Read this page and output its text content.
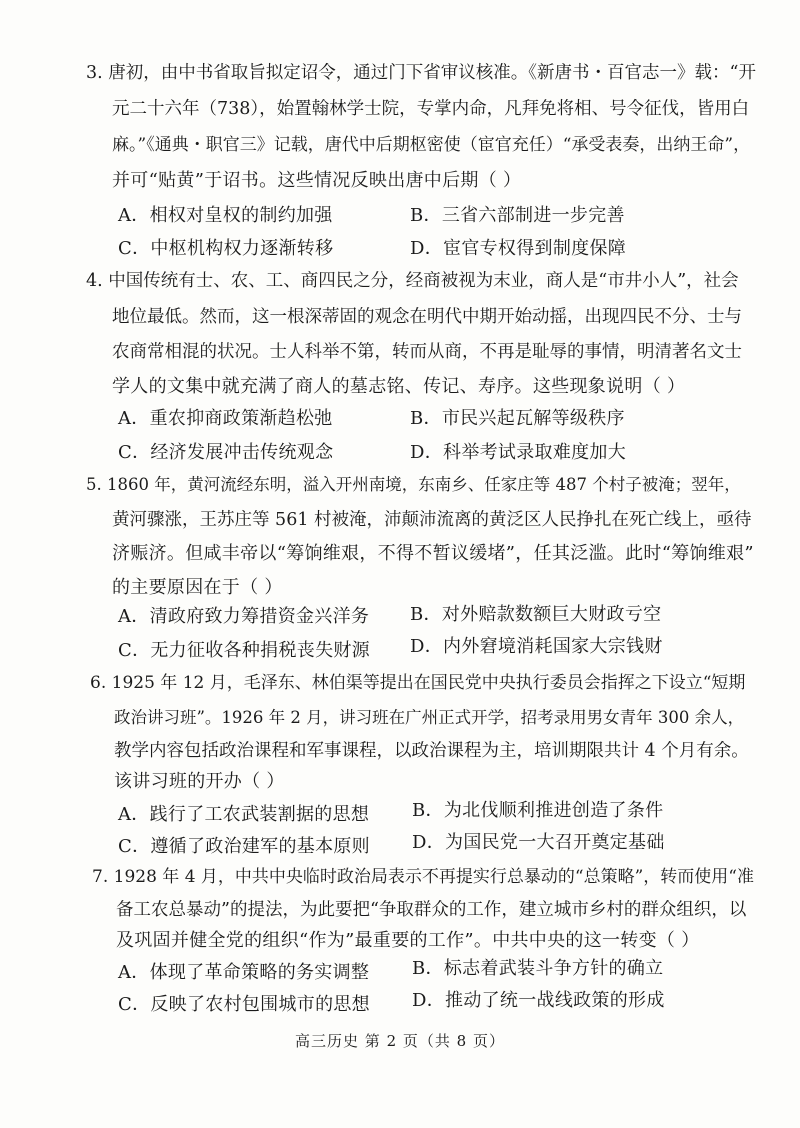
3. 唐初，由中书省取旨拟定诏令，通过门下省审议核准。《新唐书・百官志一》载：“开
元二十六年（738），始置翰林学士院，专掌内命，凡拜免将相、号令征伐，皆用白
麻。”《通典・职官三》记载，唐代中后期枢密使（宦官充任）“承受表奏，出纳王命”，
并可“贴黄”于诏书。这些情况反映出唐中后期（ ）
A．相权对皇权的制约加强	B．三省六部制进一步完善
C．中枢机构权力逐渐转移	D．宦官专权得到制度保障
4. 中国传统有士、农、工、商四民之分，经商被视为末业，商人是“市井小人”，社会
地位最低。然而，这一根深蒂固的观念在明代中期开始动摇，出现四民不分、士与
农商常相混的状况。士人科举不第，转而从商，不再是耻辱的事情，明清著名文士
学人的文集中就充满了商人的墓志铭、传记、寿序。这些现象说明（ ）
A．重农抑商政策渐趋松弛	B．市民兴起瓦解等级秩序
C．经济发展冲击传统观念	D．科举考试录取难度加大
5. 1860 年，黄河流经东明，溢入开州南境，东南乡、任家庄等 487 个村子被淹；翌年，
黄河骤涨，王苏庄等 561 村被淹，沛颠沛流离的黄泛区人民挣扎在死亡线上，亟待
济赈济。但咸丰帝以“筹饷维艰，不得不暂议缓堵”，任其泛滥。此时“筹饷维艰”
的主要原因在于（ ）
A．清政府致力筹措资金兴洋务 B．对外赔款数额巨大财政亏空
C．无力征收各种捐税丧失财源 D．内外窘境消耗国家大宗钱财
6. 1925 年 12 月，毛泽东、林伯渠等提出在国民党中央执行委员会指挥之下设立“短期
政治讲习班”。1926 年 2 月，讲习班在广州正式开学，招考录用男女青年 300 余人，
教学内容包括政治课程和军事课程，以政治课程为主，培训期限共计 4 个月有余。
该讲习班的开办（ ）
A．践行了工农武装割据的思想 B．为北伐顺利推进创造了条件
C．遵循了政治建军的基本原则 D．为国民党一大召开奠定基础
7. 1928 年 4 月，中共中央临时政治局表示不再提实行总暴动的“总策略”，转而使用“准
备工农总暴动”的提法，为此要把“争取群众的工作，建立城市乡村的群众组织，以
及巩固并健全党的组织“作为”最重要的工作”。中共中央的这一转变（ ）
A．体现了革命策略的务实调整 B．标志着武装斗争方针的确立
C．反映了农村包围城市的思想 D．推动了统一战线政策的形成
高三历史 第 2 页（共 8 页）
